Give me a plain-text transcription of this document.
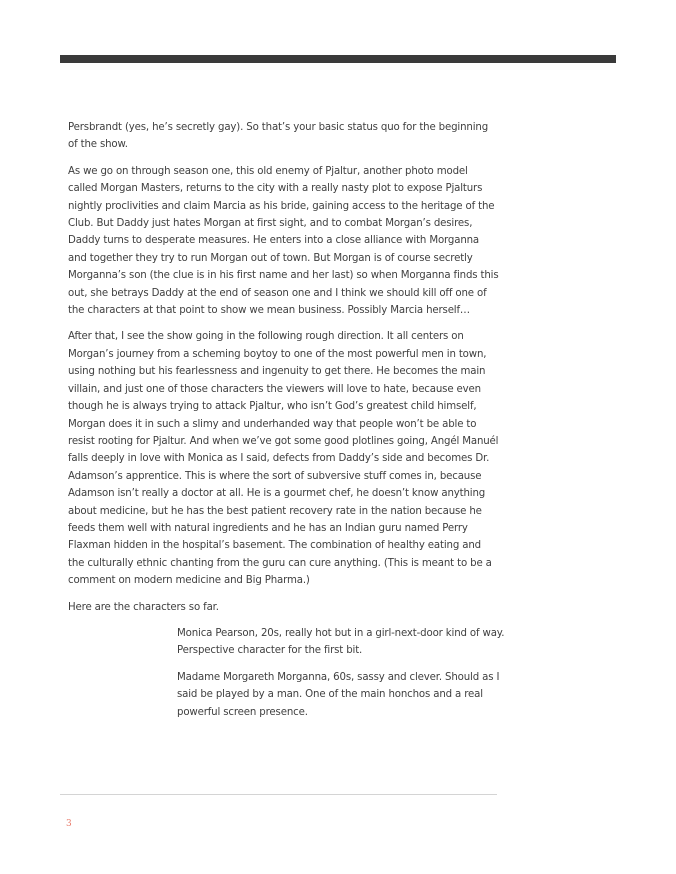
Persbrandt (yes, he’s secretly gay). So that’s your basic status quo for the beginning of the show.

As we go on through season one, this old enemy of Pjaltur, another photo model called Morgan Masters, returns to the city with a really nasty plot to expose Pjalturs nightly proclivities and claim Marcia as his bride, gaining access to the heritage of the Club. But Daddy just hates Morgan at first sight, and to combat Morgan’s desires, Daddy turns to desperate measures. He enters into a close alliance with Morganna and together they try to run Morgan out of town. But Morgan is of course secretly Morganna’s son (the clue is in his first name and her last) so when Morganna finds this out, she betrays Daddy at the end of season one and I think we should kill off one of the characters at that point to show we mean business. Possibly Marcia herself…

After that, I see the show going in the following rough direction. It all centers on Morgan’s journey from a scheming boytoy to one of the most powerful men in town, using nothing but his fearlessness and ingenuity to get there. He becomes the main villain, and just one of those characters the viewers will love to hate, because even though he is always trying to attack Pjaltur, who isn’t God’s greatest child himself, Morgan does it in such a slimy and underhanded way that people won’t be able to resist rooting for Pjaltur. And when we’ve got some good plotlines going, Angél Manuél falls deeply in love with Monica as I said, defects from Daddy’s side and becomes Dr. Adamson’s apprentice. This is where the sort of subversive stuff comes in, because Adamson isn’t really a doctor at all. He is a gourmet chef, he doesn’t know anything about medicine, but he has the best patient recovery rate in the nation because he feeds them well with natural ingredients and he has an Indian guru named Perry Flaxman hidden in the hospital’s basement. The combination of healthy eating and the culturally ethnic chanting from the guru can cure anything. (This is meant to be a comment on modern medicine and Big Pharma.)

Here are the characters so far.

Monica Pearson, 20s, really hot but in a girl-next-door kind of way. Perspective character for the first bit.

Madame Morgareth Morganna, 60s, sassy and clever. Should as I said be played by a man. One of the main honchos and a real powerful screen presence.

3
